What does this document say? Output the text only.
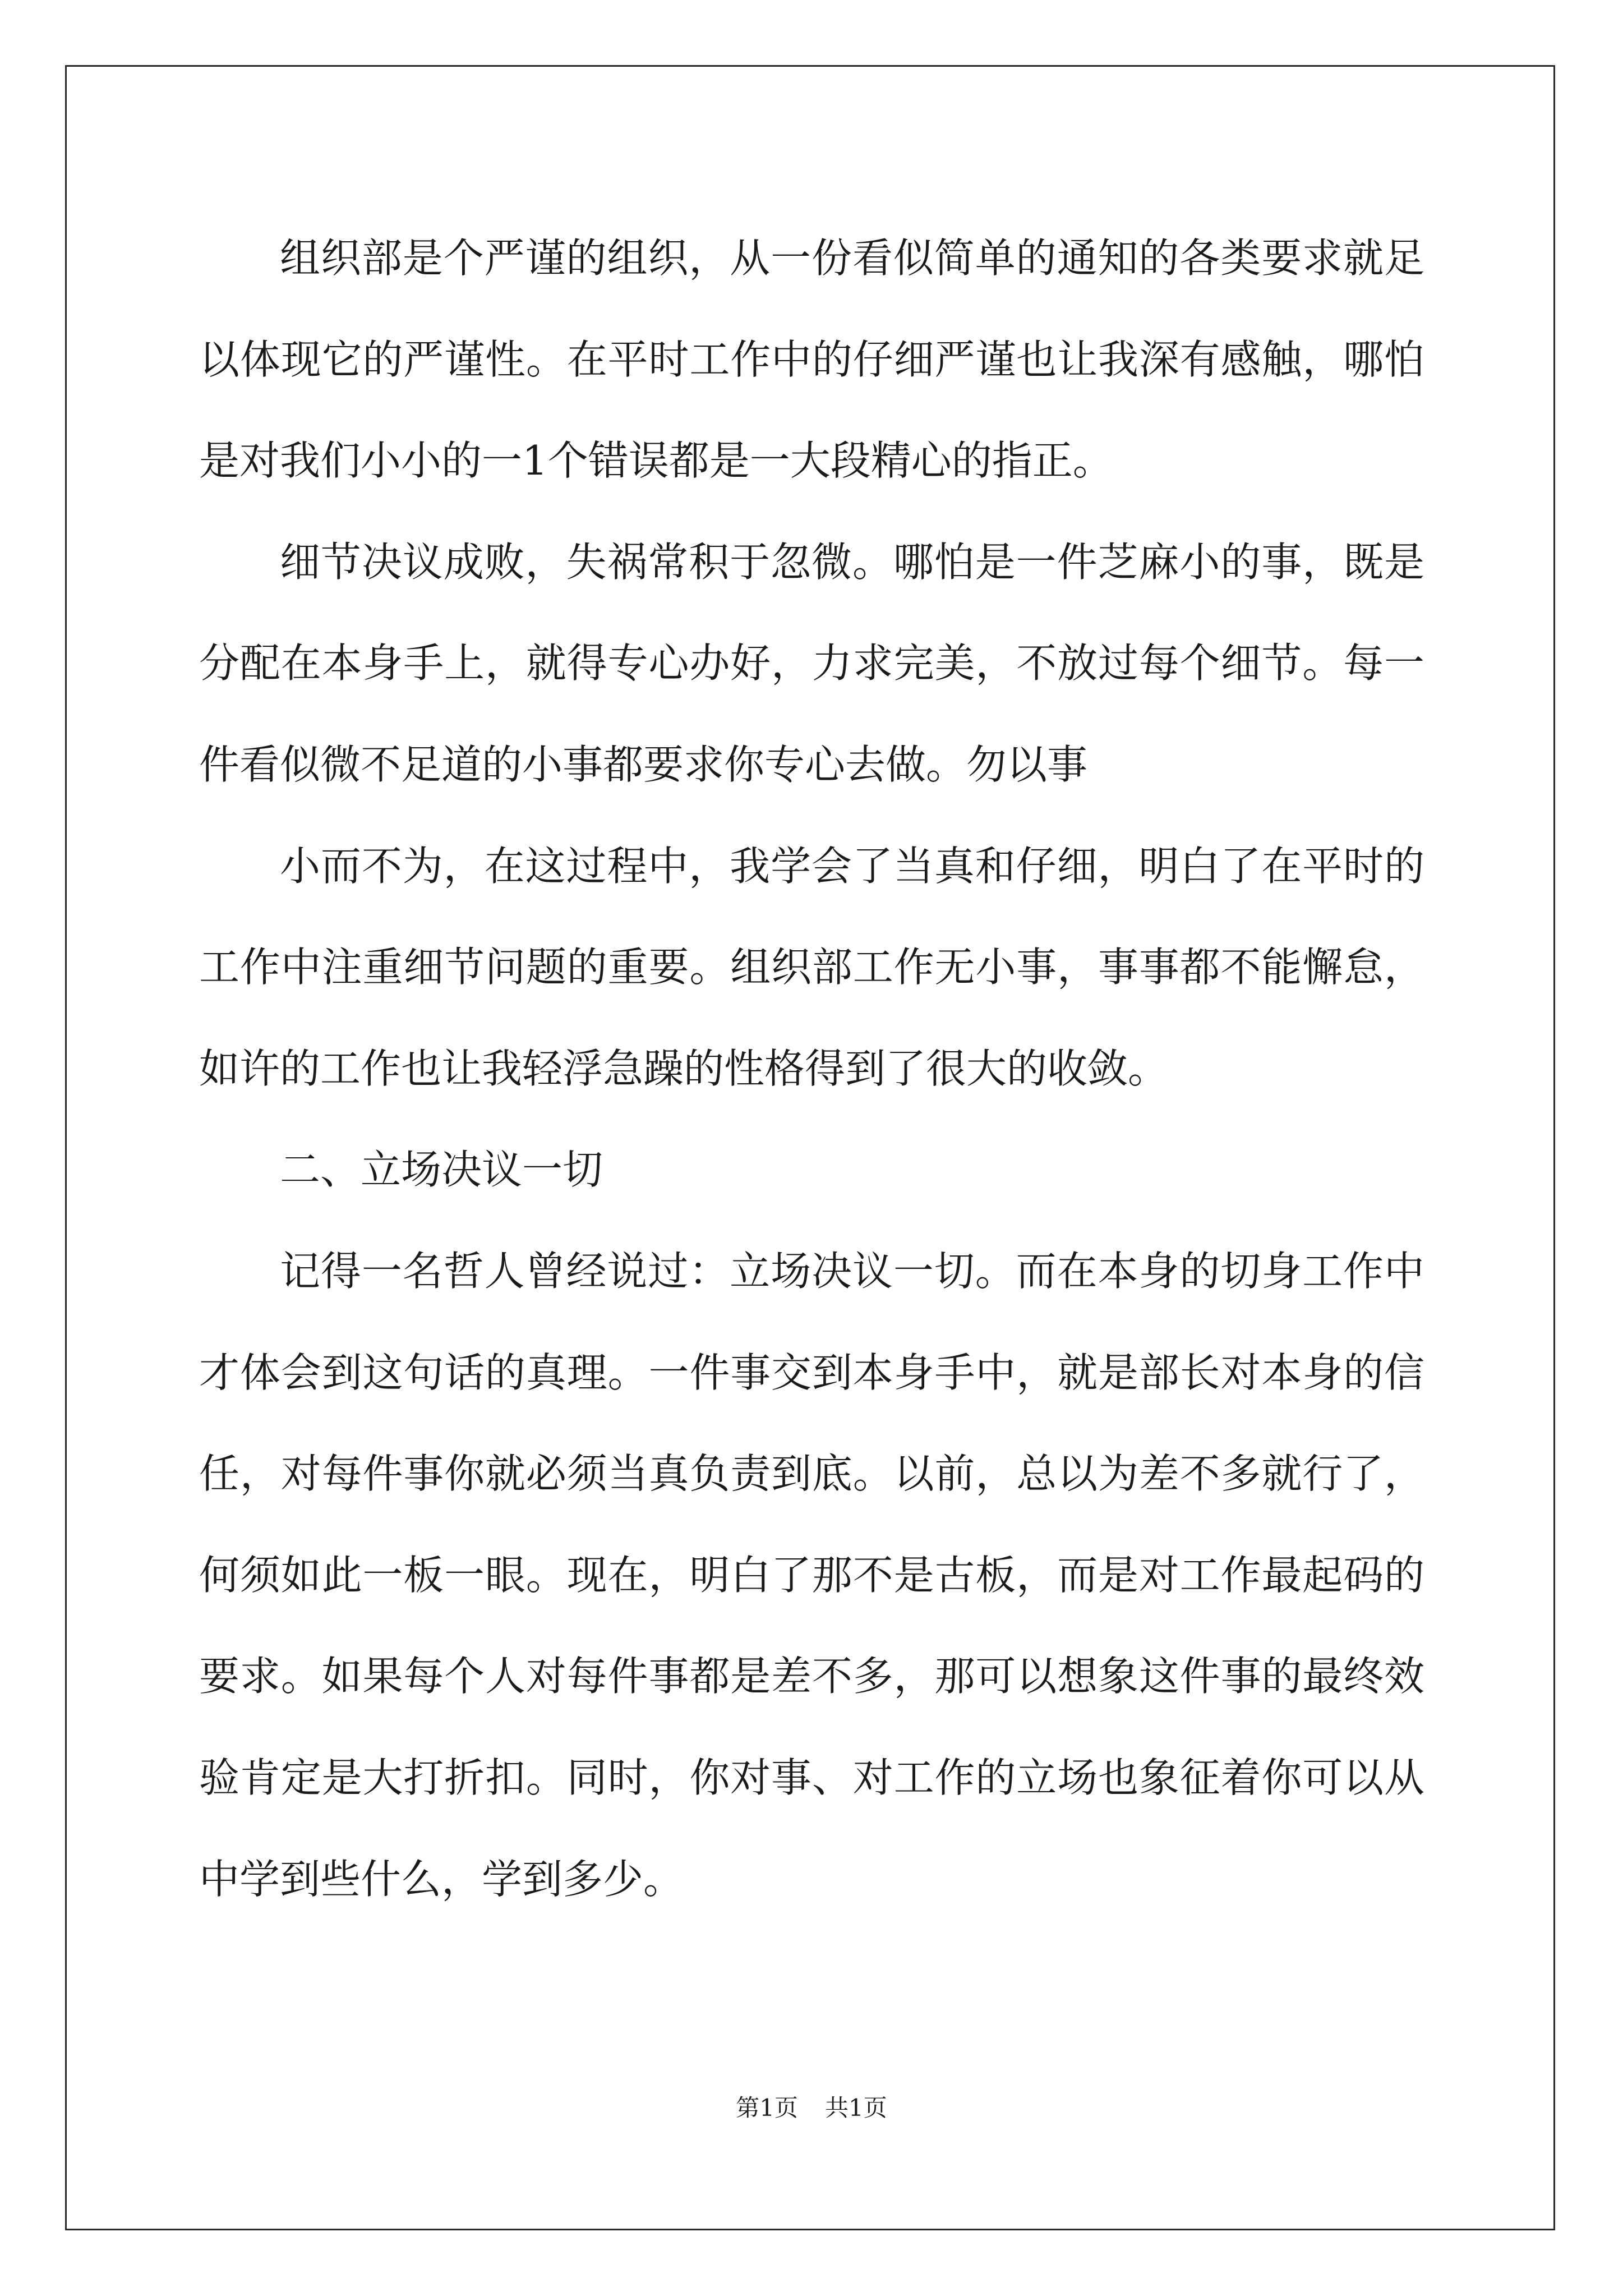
组织部是个严谨的组织，从一份看似简单的通知的各类要求就足以体现它的严谨性。在平时工作中的仔细严谨也让我深有感触，哪怕是对我们小小的一1个错误都是一大段精心的指正。

细节决议成败，失祸常积于忽微。哪怕是一件芝麻小的事，既是分配在本身手上，就得专心办好，力求完美，不放过每个细节。每一件看似微不足道的小事都要求你专心去做。勿以事

小而不为，在这过程中，我学会了当真和仔细，明白了在平时的工作中注重细节问题的重要。组织部工作无小事，事事都不能懈怠，如许的工作也让我轻浮急躁的性格得到了很大的收敛。

二、立场决议一切

记得一名哲人曾经说过：立场决议一切。而在本身的切身工作中才体会到这句话的真理。一件事交到本身手中，就是部长对本身的信任，对每件事你就必须当真负责到底。以前，总以为差不多就行了，何须如此一板一眼。现在，明白了那不是古板，而是对工作最起码的要求。如果每个人对每件事都是差不多，那可以想象这件事的最终效验肯定是大打折扣。同时，你对事、对工作的立场也象征着你可以从中学到些什么，学到多少。

第1页 共1页
